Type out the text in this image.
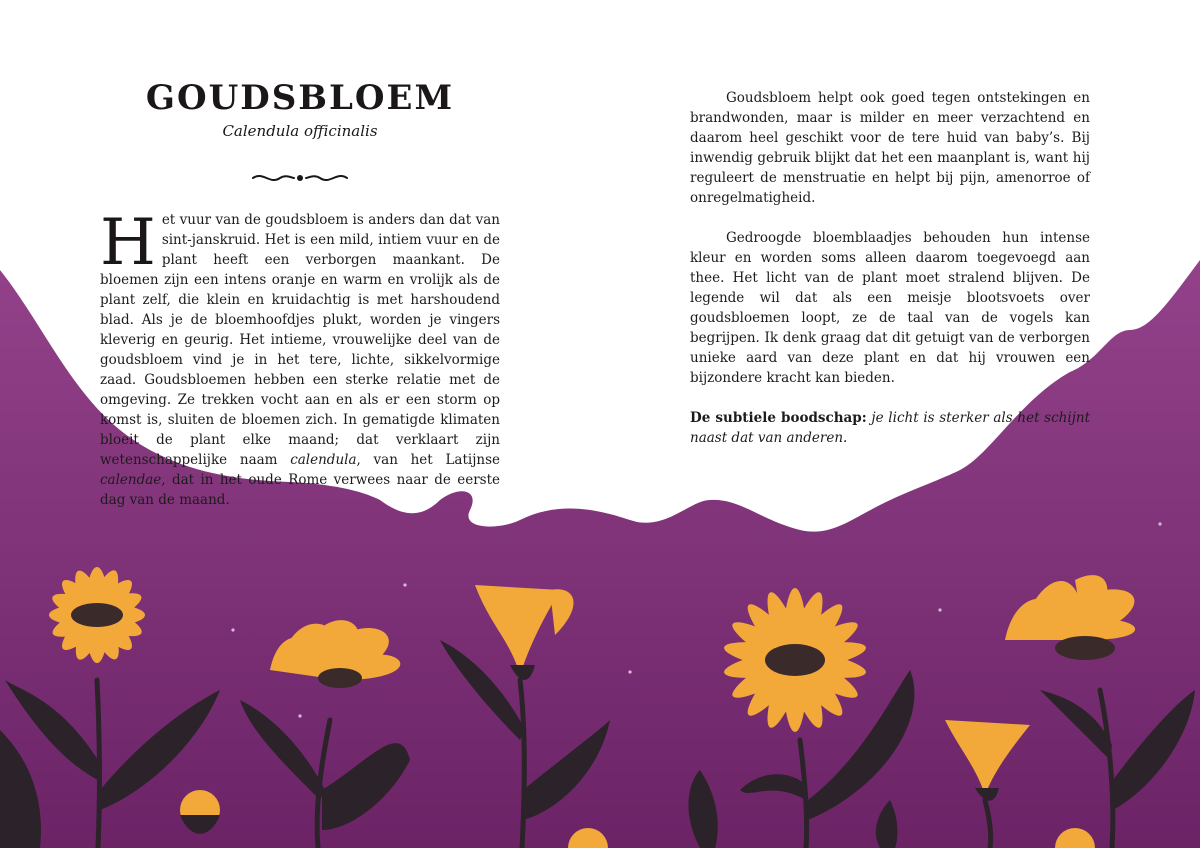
GOUDSBLOEM
Calendula officinalis
Het vuur van de goudsbloem is anders dan dat van sint-janskruid. Het is een mild, intiem vuur en de plant heeft een verborgen maankant. De bloemen zijn een intens oranje en warm en vrolijk als de plant zelf, die klein en kruidachtig is met harshoudend blad. Als je de bloemhoofdjes plukt, worden je vingers kleverig en geurig. Het intieme, vrouwelijke deel van de goudsbloem vind je in het tere, lichte, sikkelvormige zaad. Goudsbloemen hebben een sterke relatie met de omgeving. Ze trekken vocht aan en als er een storm op komst is, sluiten de bloemen zich. In gematigde klimaten bloeit de plant elke maand; dat verklaart zijn wetenschappelijke naam calendula, van het Latijnse calendae, dat in het oude Rome verwees naar de eerste dag van de maand.

Goudsbloem helpt ook goed tegen ontstekingen en brandwonden, maar is milder en meer verzachtend en daarom heel geschikt voor de tere huid van baby’s. Bij inwendig gebruik blijkt dat het een maanplant is, want hij reguleert de menstruatie en helpt bij pijn, amenorroe of onregelmatigheid.

Gedroogde bloemblaadjes behouden hun intense kleur en worden soms alleen daarom toegevoegd aan thee. Het licht van de plant moet stralend blijven. De legende wil dat als een meisje blootsvoets over goudsbloemen loopt, ze de taal van de vogels kan begrijpen. Ik denk graag dat dit getuigt van de verborgen unieke aard van deze plant en dat hij vrouwen een bijzondere kracht kan bieden.

De subtiele boodschap: je licht is sterker als het schijnt naast dat van anderen.
